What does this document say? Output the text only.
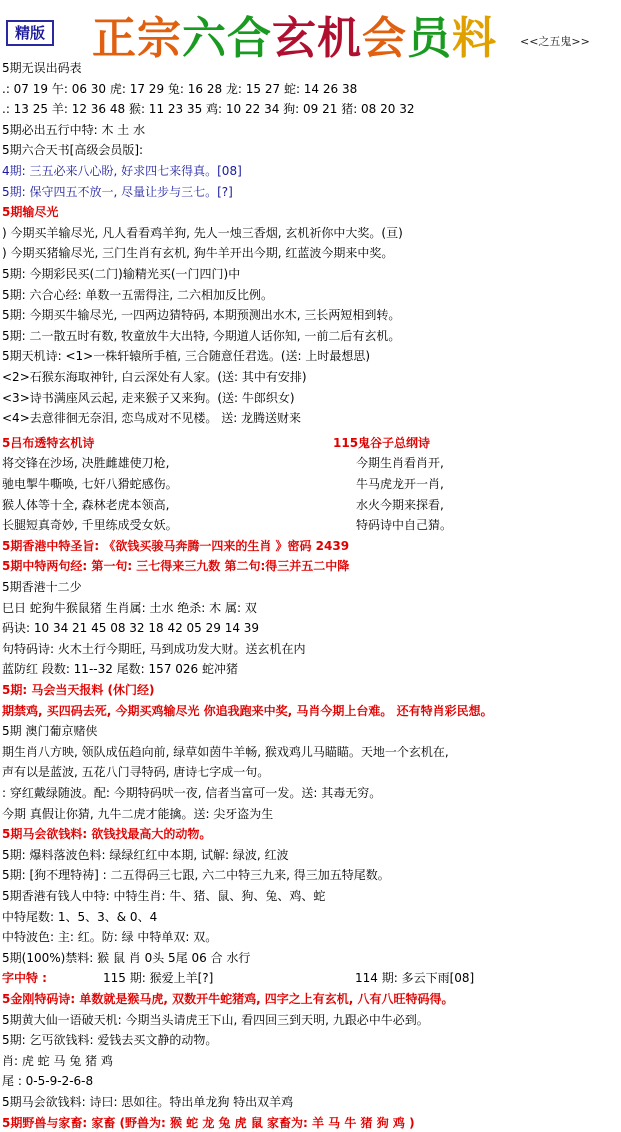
精版 正宗六合玄机会员料 <<之五鬼>>
5期无误出码表
.: 07 19 午: 06 30 虎: 17 29 兔: 16 28 龙: 15 27 蛇: 14 26 38
.: 13 25 羊: 12 36 48 猴: 11 23 35 鸡: 10 22 34 狗: 09 21 猪: 08 20 32
5期必出五行中特: 木 土 水
5期六合天书[高级会员版]:
4期: 三五必来八心盼, 好求四七来得真。[08]
5期: 保守四五不放一, 尽量让步与三七。[?]
5期输尽光
) 今期买羊输尽光, 凡人看看鸡羊狗, 先人一烛三香烟, 玄机祈你中大奖。(亘)
) 今期买猪输尽光, 三门生肖有玄机, 狗牛羊开出今期, 红蓝波今期来中奖。
5期: 今期彩民买(二门)输精光买(一门四门)中
5期: 六合心经: 单数一五需得注, 二六相加反比例。
5期: 今期买牛输尽光, 一四两边猜特码, 本期预测出水木, 三长两短相到转。
5期: 二一散五时有数, 牧童放牛大出特, 今期道人话你知, 一前二后有玄机。
5期天机诗: <1>一株轩辕所手植, 三合随意任君选。(送: 上时最想思)
<2>石猴东海取神针, 白云深处有人家。(送: 其中有安排)
<3>诗书满座风云起, 走来猴子又来狗。(送: 牛郎织女)
<4>去意徘徊无奈泪, 恋鸟成对不见楼。 送: 龙腾送财来
5吕布透特玄机诗	115鬼谷子总纲诗
将交锋在沙场, 决胜雌雄使刀枪,	今期生肖看肖开,
驰电掣牛嘶唤, 七奸八猾蛇感伤。	牛马虎龙开一肖,
猴人体等十全, 森林老虎本领高,	水火今期来探看,
长腿短真奇妙, 千里练成受女妖。	特码诗中自己猜。
5期香港中特圣旨: 《欲钱买骏马奔腾一四来的生肖 》密码 2439
5期中特两句经: 第一句: 三七得来三九数 第二句:得三并五二中降
5期香港十二少
巳日 蛇狗牛猴鼠猪 生肖属: 土水 绝杀: 木 属: 双
码诀: 10 34 21 45 08 32 18 42 05 29 14 39
句特码诗: 火木土行今期旺, 马到成功发大财。送玄机在内
蓝防红 段数: 11--32 尾数: 157 026 蛇冲猪
5期: 马会当天报料 (休门经)
期禁鸡, 买四码去死, 今期买鸡输尽光 你追我跑来中奖, 马肖今期上台难。 还有特肖彩民想。
5期 澳门葡京赌侠
期生肖八方映, 领队成伍趋向前, 绿草如茵牛羊畅, 猴戏鸡儿马瞄瞄。天地一个玄机在,
声有以是蓝波, 五花八门寻特码, 唐诗七字成一句。
: 穿红戴绿随波。配: 今期特码吠一夜, 信者当富可一发。送: 其毒无穷。
今期 真假让你猜, 九牛二虎才能擒。送: 尖牙盗为生
5期马会欲钱料: 欲钱找最高大的动物。
5期: 爆料落波色料: 绿绿红红中本期, 试解: 绿波, 红波
5期: [狗不理特祷] : 二五得码三七跟, 六二中特三九来, 得三加五特尾数。
5期香港有钱人中特: 中特生肖: 牛、猪、鼠、狗、兔、鸡、蛇
中特尾数: 1、5、3、& 0、4
中特波色: 主: 红。防: 绿 中特单双: 双。
5期(100%)禁料: 猴 鼠 肖 0头 5尾 06 合 水行
字中特 :	115 期: 猴爱上羊[?]	114 期: 多云下雨[08]
5金刚特码诗: 单数就是猴马虎, 双数开牛蛇猪鸡, 四字之上有玄机, 八有八旺特码得。
5期黄大仙一语破天机: 今期当头请虎王下山, 看四回三到天明, 九跟必中牛必到。
5期: 乞丐欲钱料: 爱钱去买文静的动物。
肖: 虎 蛇 马 兔 猪 鸡
尾 : 0-5-9-2-6-8
5期马会欲钱料: 诗曰: 思如往。特出单龙狗 特出双羊鸡
5期野兽与家畜: 家畜 (野兽为: 猴 蛇 龙 兔 虎 鼠 家畜为: 羊 马 牛 猪 狗 鸡 )
